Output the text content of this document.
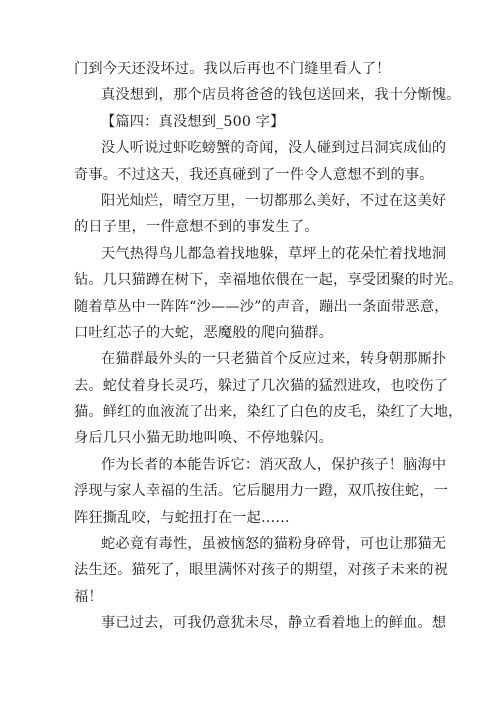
门到今天还没坏过。我以后再也不门缝里看人了！
真没想到，那个店员将爸爸的钱包送回来，我十分惭愧。
【篇四：真没想到_500 字】
没人听说过虾吃螃蟹的奇闻，没人碰到过吕洞宾成仙的
奇事。不过这天，我还真碰到了一件令人意想不到的事。
阳光灿烂，晴空万里，一切都那么美好，不过在这美好
的日子里，一件意想不到的事发生了。
天气热得鸟儿都急着找地躲，草坪上的花朵忙着找地洞
钻。几只猫蹲在树下，幸福地依偎在一起，享受团聚的时光。
随着草丛中一阵阵“沙——沙”的声音，蹦出一条面带恶意，
口吐红芯子的大蛇，恶魔般的爬向猫群。
在猫群最外头的一只老猫首个反应过来，转身朝那厮扑
去。蛇仗着身长灵巧，躲过了几次猫的猛烈进攻，也咬伤了
猫。鲜红的血液流了出来，染红了白色的皮毛，染红了大地，
身后几只小猫无助地叫唤、不停地躲闪。
作为长者的本能告诉它：消灭敌人，保护孩子！脑海中
浮现与家人幸福的生活。它后腿用力一蹬，双爪按住蛇，一
阵狂撕乱咬，与蛇扭打在一起……
蛇必竟有毒性，虽被恼怒的猫粉身碎骨，可也让那猫无
法生还。猫死了，眼里满怀对孩子的期望，对孩子未来的祝
福！
事已过去，可我仍意犹未尽，静立看着地上的鲜血。想
